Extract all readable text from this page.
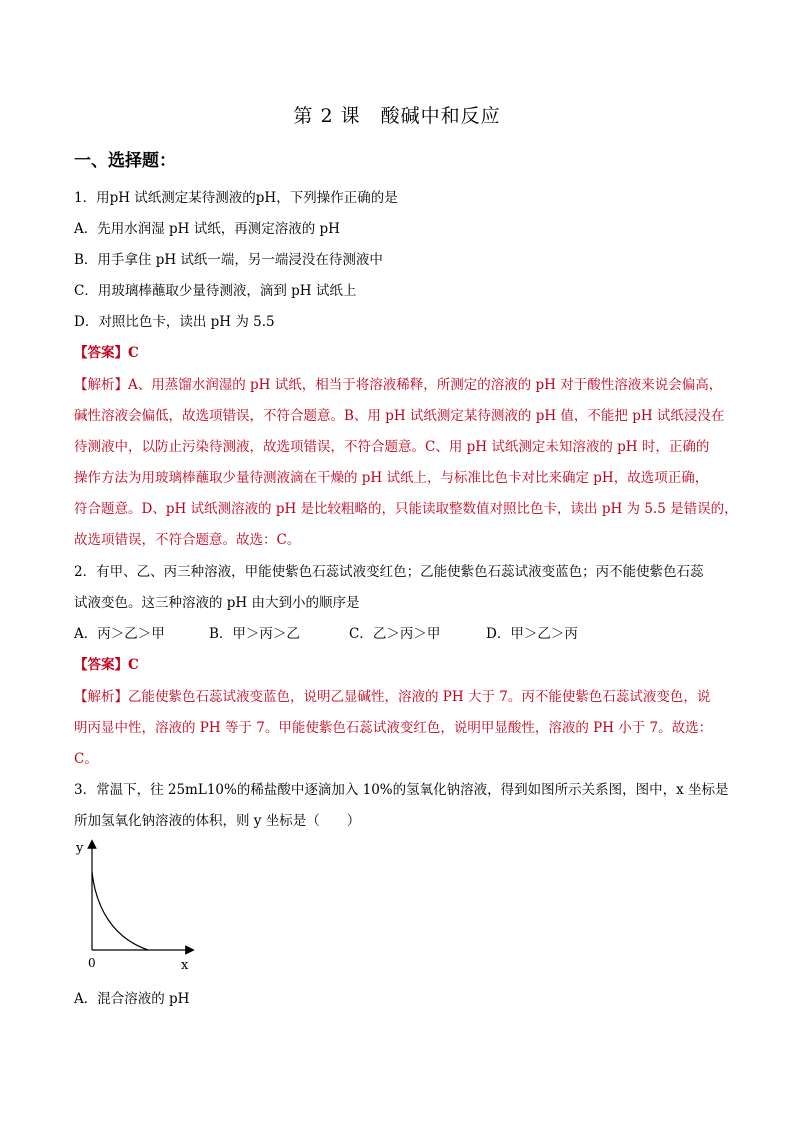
第 2 课　酸碱中和反应
一、选择题：
1．用pH 试纸测定某待测液的pH，下列操作正确的是
A．先用水润湿 pH 试纸，再测定溶液的 pH
B．用手拿住 pH 试纸一端，另一端浸没在待测液中
C．用玻璃棒蘸取少量待测液，滴到 pH 试纸上
D．对照比色卡，读出 pH 为 5.5
【答案】C
【解析】A、用蒸馏水润湿的 pH 试纸，相当于将溶液稀释，所测定的溶液的 pH 对于酸性溶液来说会偏高，
碱性溶液会偏低，故选项错误，不符合题意。B、用 pH 试纸测定某待测液的 pH 值，不能把 pH 试纸浸没在
待测液中，以防止污染待测液，故选项错误，不符合题意。C、用 pH 试纸测定未知溶液的 pH 时，正确的
操作方法为用玻璃棒蘸取少量待测液滴在干燥的 pH 试纸上，与标准比色卡对比来确定 pH，故选项正确，
符合题意。D、pH 试纸测溶液的 pH 是比较粗略的，只能读取整数值对照比色卡，读出 pH 为 5.5 是错误的，
故选项错误，不符合题意。故选：C。
2．有甲、乙、丙三种溶液，甲能使紫色石蕊试液变红色；乙能使紫色石蕊试液变蓝色；丙不能使紫色石蕊
试液变色。这三种溶液的 pH 由大到小的顺序是
A．丙＞乙＞甲	B．甲＞丙＞乙	C．乙＞丙＞甲	D．甲＞乙＞丙
【答案】C
【解析】乙能使紫色石蕊试液变蓝色，说明乙显碱性，溶液的 PH 大于 7。丙不能使紫色石蕊试液变色，说
明丙显中性，溶液的 PH 等于 7。甲能使紫色石蕊试液变红色，说明甲显酸性，溶液的 PH 小于 7。故选：
C。
3．常温下，往 25mL10%的稀盐酸中逐滴加入 10%的氢氧化钠溶液，得到如图所示关系图，图中，x 坐标是
所加氢氧化钠溶液的体积，则 y 坐标是（　　）
y
x
0
A．混合溶液的 pH
